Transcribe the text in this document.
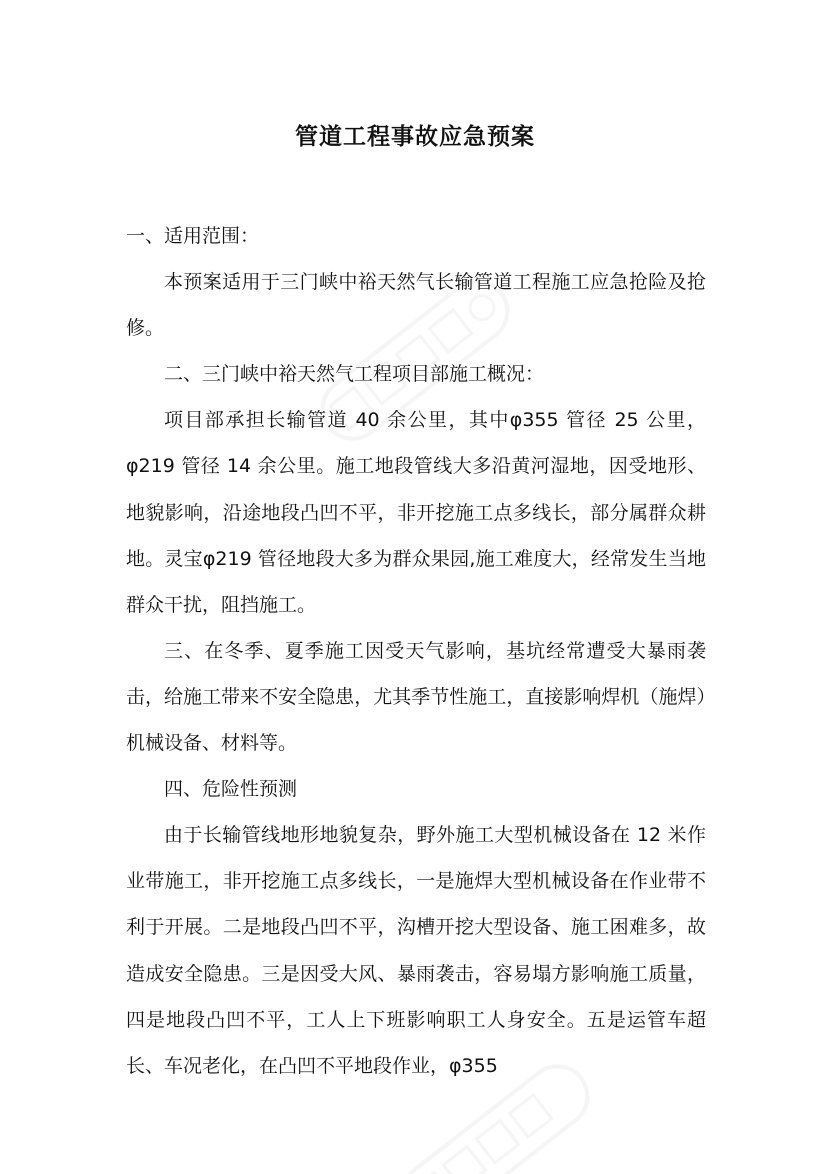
管道工程事故应急预案

一、适用范围：

本预案适用于三门峡中裕天然气长输管道工程施工应急抢险及抢修。

二、三门峡中裕天然气工程项目部施工概况：

项目部承担长输管道 40 余公里，其中φ355 管径 25 公里，φ219 管径 14 余公里。施工地段管线大多沿黄河湿地，因受地形、地貌影响，沿途地段凸凹不平，非开挖施工点多线长，部分属群众耕地。灵宝φ219 管径地段大多为群众果园,施工难度大，经常发生当地群众干扰，阻挡施工。

三、在冬季、夏季施工因受天气影响，基坑经常遭受大暴雨袭击，给施工带来不安全隐患，尤其季节性施工，直接影响焊机（施焊）机械设备、材料等。

四、危险性预测

由于长输管线地形地貌复杂，野外施工大型机械设备在 12 米作业带施工，非开挖施工点多线长，一是施焊大型机械设备在作业带不利于开展。二是地段凸凹不平，沟槽开挖大型设备、施工困难多，故造成安全隐患。三是因受大风、暴雨袭击，容易塌方影响施工质量，四是地段凸凹不平，工人上下班影响职工人身安全。五是运管车超长、车况老化，在凸凹不平地段作业，φ355
